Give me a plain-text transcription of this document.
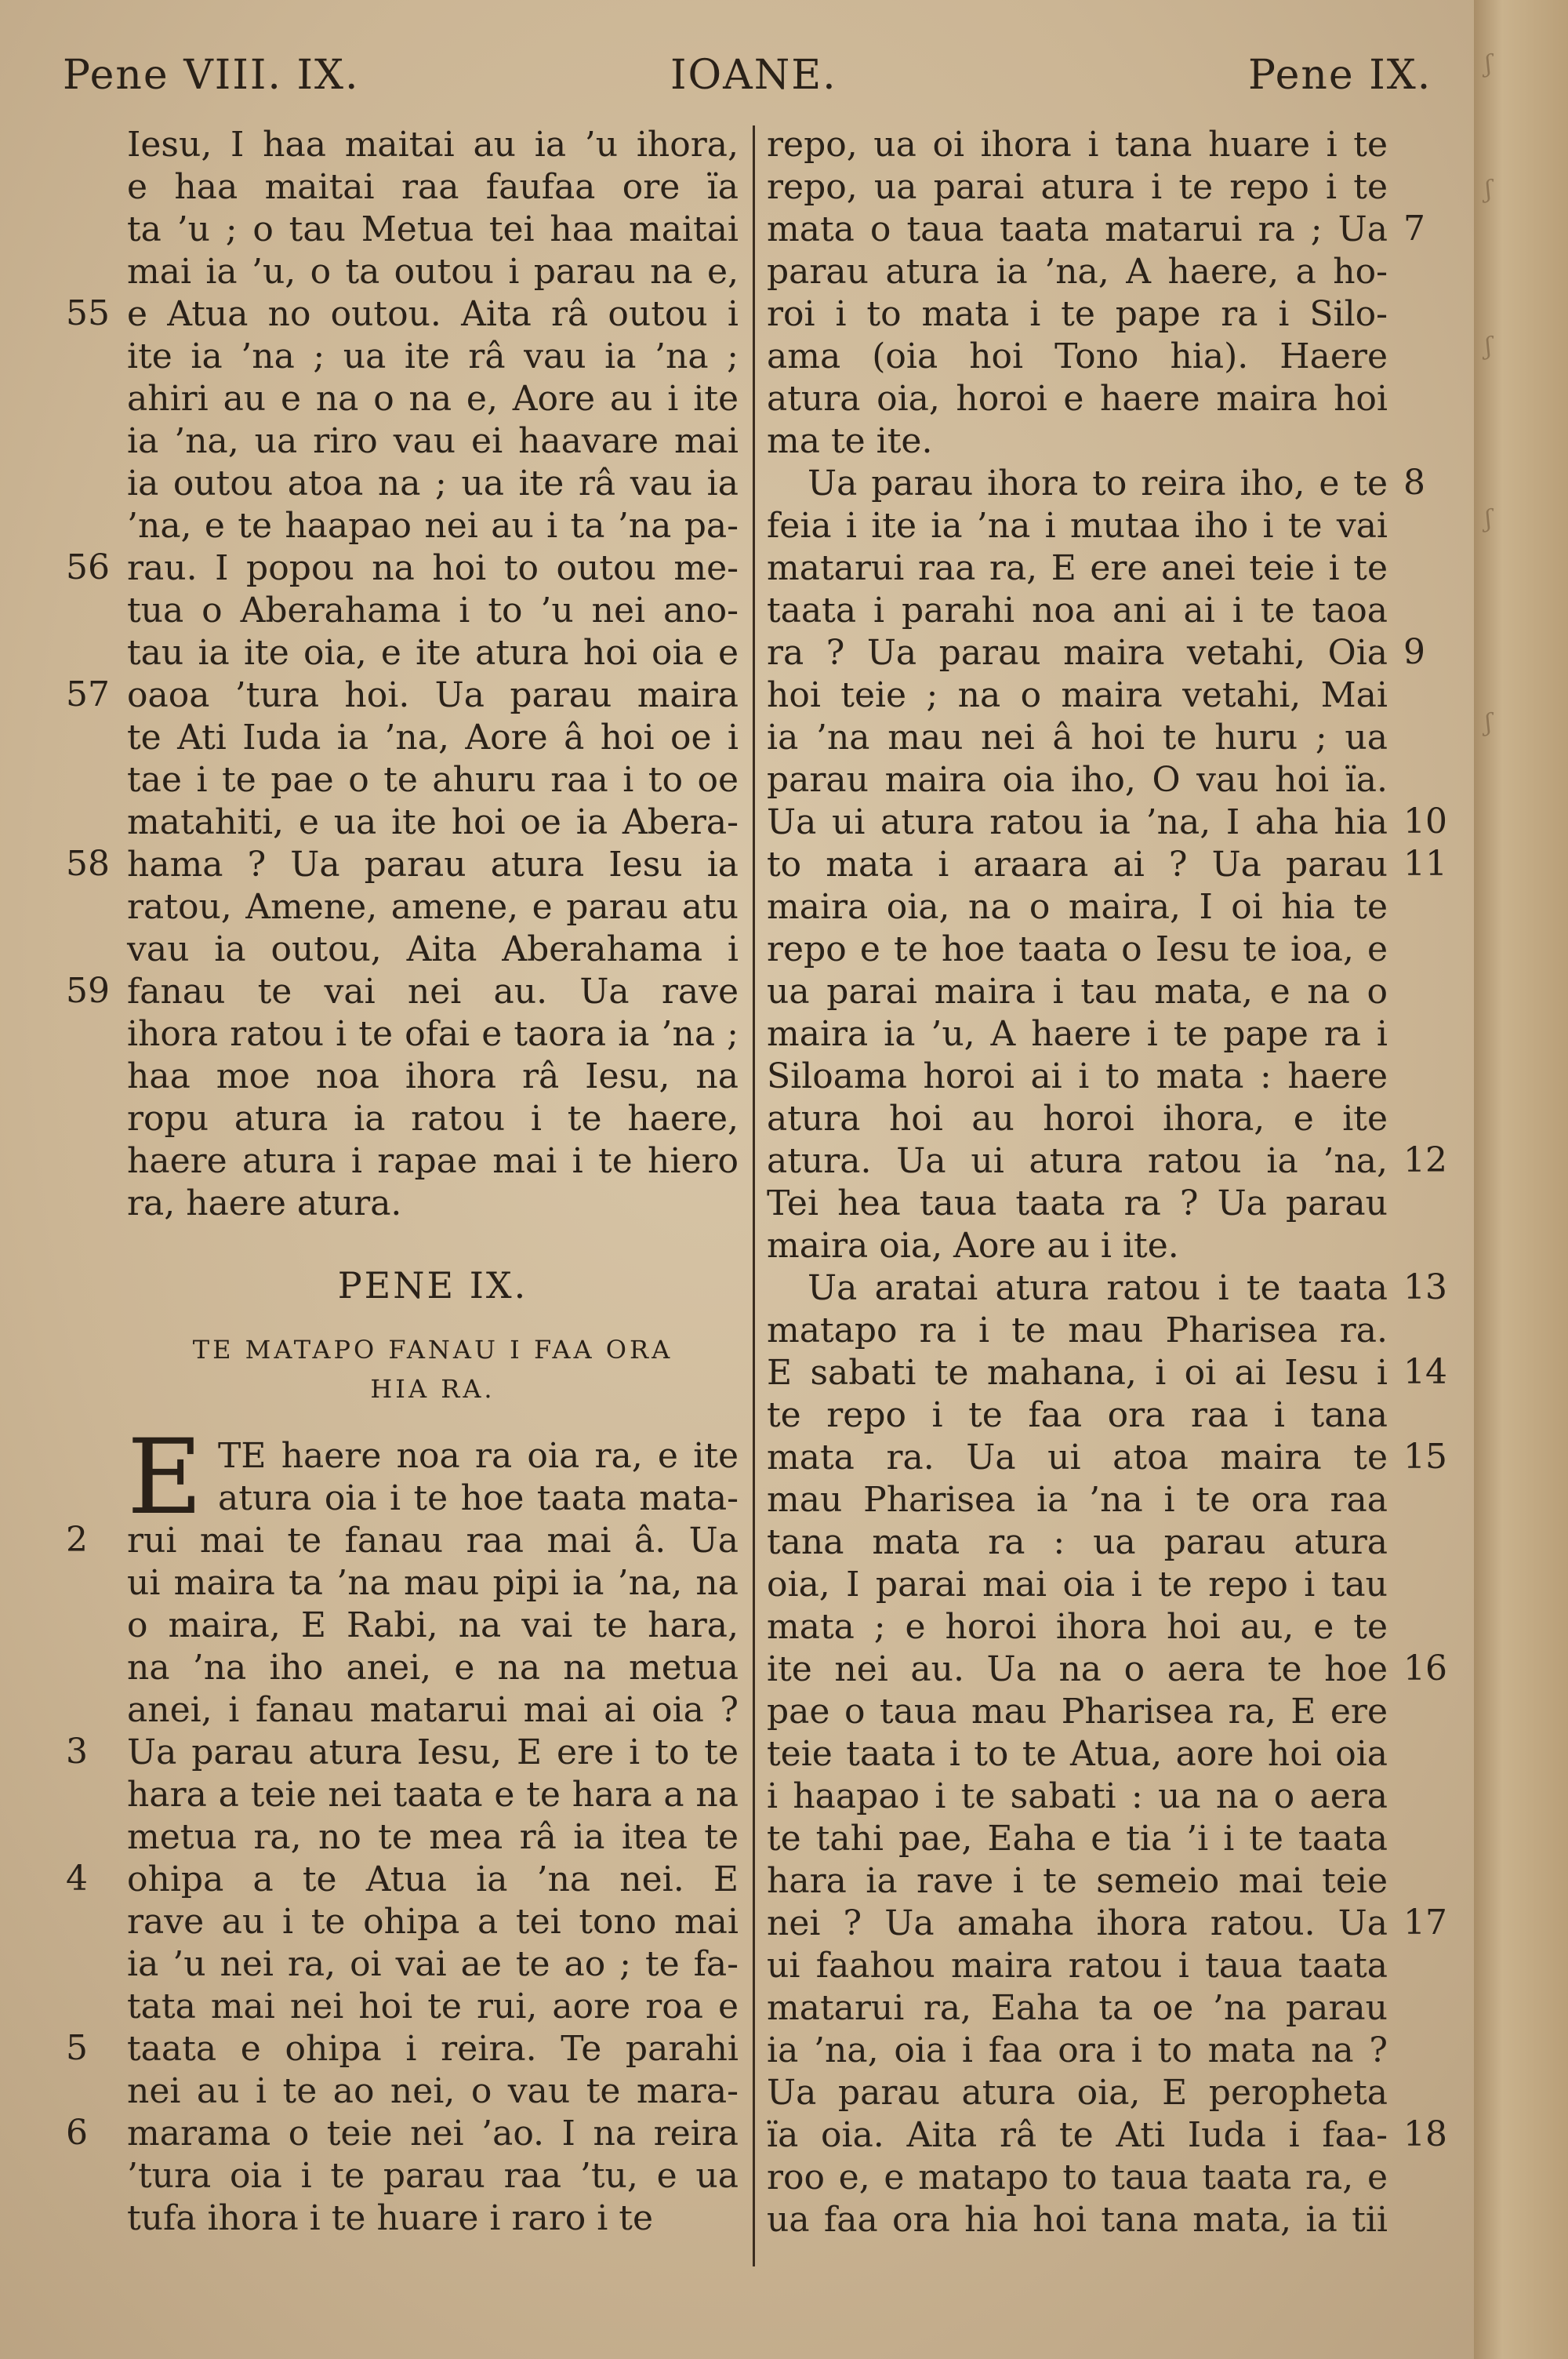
Pene VIII. IX.	IOANE.	Pene IX.
Iesu, I haa maitai au ia ’u ihora,
e haa maitai raa faufaa ore ïa
ta ’u ; o tau Metua tei haa maitai
mai ia ’u, o ta outou i parau na e,
e Atua no outou. Aita râ outou i
ite ia ’na ; ua ite râ vau ia ’na ;
ahiri au e na o na e, Aore au i ite
ia ’na, ua riro vau ei haavare mai
ia outou atoa na ; ua ite râ vau ia
’na, e te haapao nei au i ta ’na pa-
rau. I popou na hoi to outou me-
tua o Aberahama i to ’u nei ano-
tau ia ite oia, e ite atura hoi oia e
oaoa ’tura hoi. Ua parau maira
te Ati Iuda ia ’na, Aore â hoi oe i
tae i te pae o te ahuru raa i to oe
matahiti, e ua ite hoi oe ia Abera-
hama ? Ua parau atura Iesu ia
ratou, Amene, amene, e parau atu
vau ia outou, Aita Aberahama i
fanau te vai nei au. Ua rave
ihora ratou i te ofai e taora ia ’na ;
haa moe noa ihora râ Iesu, na
ropu atura ia ratou i te haere,
haere atura i rapae mai i te hiero
ra, haere atura.
55
56
57
58
59
PENE IX.
TE MATAPO FANAU I FAA ORA
HIA RA.
E TE haere noa ra oia ra, e ite
atura oia i te hoe taata mata-
rui mai te fanau raa mai â. Ua
ui maira ta ’na mau pipi ia ’na, na
o maira, E Rabi, na vai te hara,
na ’na iho anei, e na na metua
anei, i fanau matarui mai ai oia ?
Ua parau atura Iesu, E ere i to te
hara a teie nei taata e te hara a na
metua ra, no te mea râ ia itea te
ohipa a te Atua ia ’na nei. E
rave au i te ohipa a tei tono mai
ia ’u nei ra, oi vai ae te ao ; te fa-
tata mai nei hoi te rui, aore roa e
taata e ohipa i reira. Te parahi
nei au i te ao nei, o vau te mara-
marama o teie nei ’ao. I na reira
’tura oia i te parau raa ’tu, e ua
tufa ihora i te huare i raro i te
2
3
4
5
6
repo, ua oi ihora i tana huare i te
repo, ua parai atura i te repo i te
mata o taua taata matarui ra ; Ua
parau atura ia ’na, A haere, a ho-
roi i to mata i te pape ra i Silo-
ama (oia hoi Tono hia). Haere
atura oia, horoi e haere maira hoi
ma te ite.
Ua parau ihora to reira iho, e te
feia i ite ia ’na i mutaa iho i te vai
matarui raa ra, E ere anei teie i te
taata i parahi noa ani ai i te taoa
ra ? Ua parau maira vetahi, Oia
hoi teie ; na o maira vetahi, Mai
ia ’na mau nei â hoi te huru ; ua
parau maira oia iho, O vau hoi ïa.
Ua ui atura ratou ia ’na, I aha hia
to mata i araara ai ? Ua parau
maira oia, na o maira, I oi hia te
repo e te hoe taata o Iesu te ioa, e
ua parai maira i tau mata, e na o
maira ia ’u, A haere i te pape ra i
Siloama horoi ai i to mata : haere
atura hoi au horoi ihora, e ite
atura. Ua ui atura ratou ia ’na,
Tei hea taua taata ra ? Ua parau
maira oia, Aore au i ite.
Ua aratai atura ratou i te taata
matapo ra i te mau Pharisea ra.
E sabati te mahana, i oi ai Iesu i
te repo i te faa ora raa i tana
mata ra. Ua ui atoa maira te
mau Pharisea ia ’na i te ora raa
tana mata ra : ua parau atura
oia, I parai mai oia i te repo i tau
mata ; e horoi ihora hoi au, e te
ite nei au. Ua na o aera te hoe
pae o taua mau Pharisea ra, E ere
teie taata i to te Atua, aore hoi oia
i haapao i te sabati : ua na o aera
te tahi pae, Eaha e tia ’i i te taata
hara ia rave i te semeio mai teie
nei ? Ua amaha ihora ratou. Ua
ui faahou maira ratou i taua taata
matarui ra, Eaha ta oe ’na parau
ia ’na, oia i faa ora i to mata na ?
Ua parau atura oia, E peropheta
ïa oia. Aita râ te Ati Iuda i faa-
roo e, e matapo to taua taata ra, e
ua faa ora hia hoi tana mata, ia tii
7
8
9
10
11
12
13
14
15
16
17
18
ʃ
ʃ
ʃ
ʃ
ʃ
